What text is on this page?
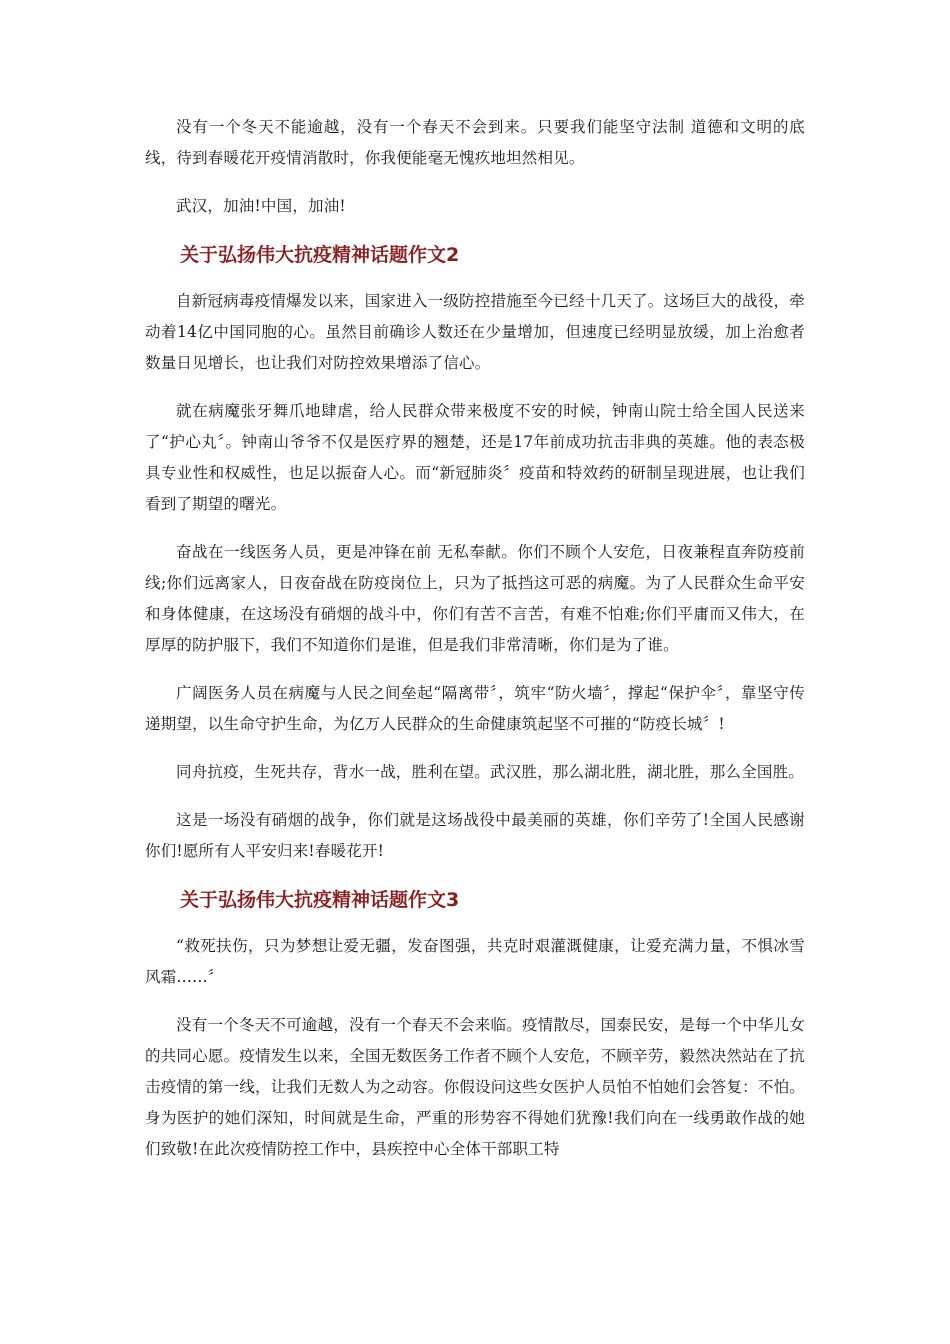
没有一个冬天不能逾越，没有一个春天不会到来。只要我们能坚守法制 道德和文明的底线，待到春暖花开疫情消散时，你我便能毫无愧疚地坦然相见。

武汉，加油!中国，加油!

关于弘扬伟大抗疫精神话题作文2

自新冠病毒疫情爆发以来，国家进入一级防控措施至今已经十几天了。这场巨大的战役，牵动着14亿中国同胞的心。虽然目前确诊人数还在少量增加，但速度已经明显放缓，加上治愈者数量日见增长，也让我们对防控效果增添了信心。

就在病魔张牙舞爪地肆虐，给人民群众带来极度不安的时候，钟南山院士给全国人民送来了“护心丸〞。钟南山爷爷不仅是医疗界的翘楚，还是17年前成功抗击非典的英雄。他的表态极具专业性和权威性，也足以振奋人心。而“新冠肺炎〞疫苗和特效药的研制呈现进展，也让我们看到了期望的曙光。

奋战在一线医务人员，更是冲锋在前 无私奉献。你们不顾个人安危，日夜兼程直奔防疫前线;你们远离家人，日夜奋战在防疫岗位上，只为了抵挡这可恶的病魔。为了人民群众生命平安和身体健康，在这场没有硝烟的战斗中，你们有苦不言苦，有难不怕难;你们平庸而又伟大，在厚厚的防护服下，我们不知道你们是谁，但是我们非常清晰，你们是为了谁。

广阔医务人员在病魔与人民之间垒起“隔离带〞，筑牢“防火墙〞，撑起“保护伞〞，靠坚守传递期望，以生命守护生命，为亿万人民群众的生命健康筑起坚不可摧的“防疫长城〞!

同舟抗疫，生死共存，背水一战，胜利在望。武汉胜，那么湖北胜，湖北胜，那么全国胜。

这是一场没有硝烟的战争，你们就是这场战役中最美丽的英雄，你们辛劳了!全国人民感谢你们!愿所有人平安归来!春暖花开!

关于弘扬伟大抗疫精神话题作文3

“救死扶伤，只为梦想让爱无疆，发奋图强，共克时艰灌溉健康，让爱充满力量，不惧冰雪风霜……〞

没有一个冬天不可逾越，没有一个春天不会来临。疫情散尽，国泰民安，是每一个中华儿女的共同心愿。疫情发生以来，全国无数医务工作者不顾个人安危，不顾辛劳，毅然决然站在了抗击疫情的第一线，让我们无数人为之动容。你假设问这些女医护人员怕不怕她们会答复：不怕。身为医护的她们深知，时间就是生命，严重的形势容不得她们犹豫!我们向在一线勇敢作战的她们致敬!在此次疫情防控工作中，县疾控中心全体干部职工特
